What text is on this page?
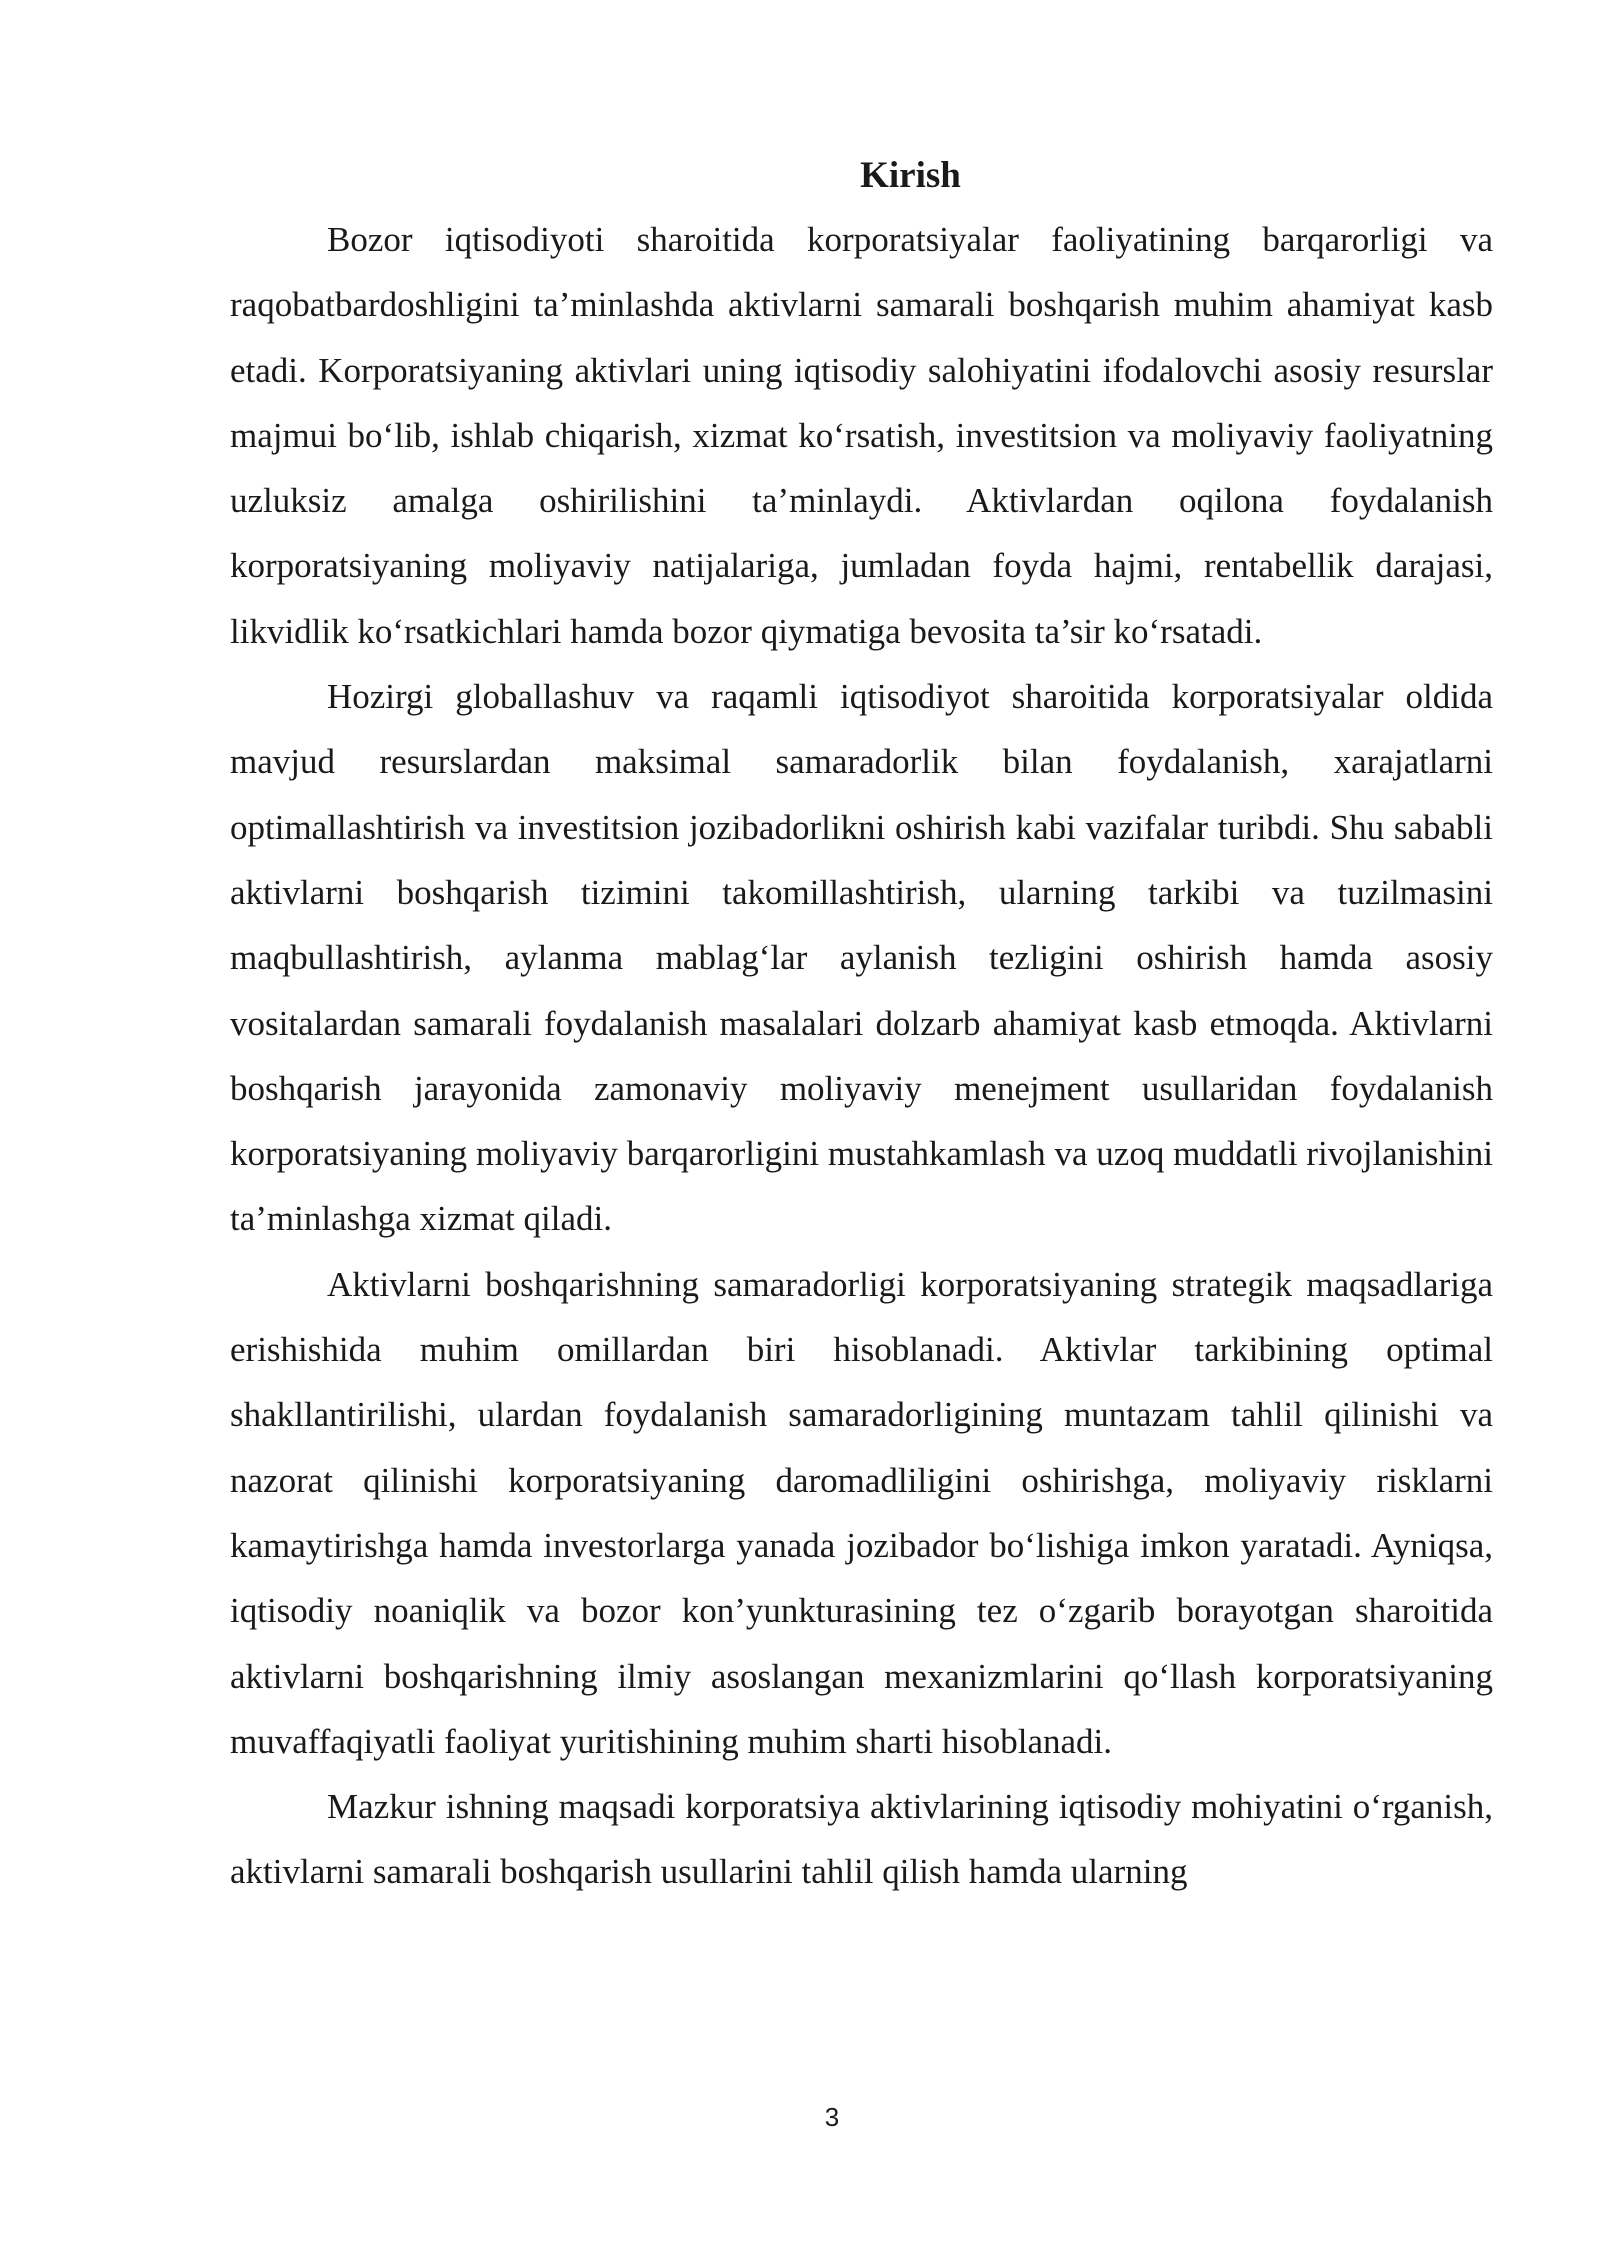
Kirish

Bozor iqtisodiyoti sharoitida korporatsiyalar faoliyatining barqarorligi va raqobatbardoshligini ta’minlashda aktivlarni samarali boshqarish muhim ahamiyat kasb etadi. Korporatsiyaning aktivlari uning iqtisodiy salohiyatini ifodalovchi asosiy resurslar majmui bo‘lib, ishlab chiqarish, xizmat ko‘rsatish, investitsion va moliyaviy faoliyatning uzluksiz amalga oshirilishini ta’minlaydi. Aktivlardan oqilona foydalanish korporatsiyaning moliyaviy natijalariga, jumladan foyda hajmi, rentabellik darajasi, likvidlik ko‘rsatkichlari hamda bozor qiymatiga bevosita ta’sir ko‘rsatadi.

Hozirgi globallashuv va raqamli iqtisodiyot sharoitida korporatsiyalar oldida mavjud resurslardan maksimal samaradorlik bilan foydalanish, xarajatlarni optimallashtirish va investitsion jozibadorlikni oshirish kabi vazifalar turibdi. Shu sababli aktivlarni boshqarish tizimini takomillashtirish, ularning tarkibi va tuzilmasini maqbullashtirish, aylanma mablag‘lar aylanish tezligini oshirish hamda asosiy vositalardan samarali foydalanish masalalari dolzarb ahamiyat kasb etmoqda. Aktivlarni boshqarish jarayonida zamonaviy moliyaviy menejment usullaridan foydalanish korporatsiyaning moliyaviy barqarorligini mustahkamlash va uzoq muddatli rivojlanishini ta’minlashga xizmat qiladi.

Aktivlarni boshqarishning samaradorligi korporatsiyaning strategik maqsadlariga erishishida muhim omillardan biri hisoblanadi. Aktivlar tarkibining optimal shakllantirilishi, ulardan foydalanish samaradorligining muntazam tahlil qilinishi va nazorat qilinishi korporatsiyaning daromadliligini oshirishga, moliyaviy risklarni kamaytirishga hamda investorlarga yanada jozibador bo‘lishiga imkon yaratadi. Ayniqsa, iqtisodiy noaniqlik va bozor kon’yunkturasining tez o‘zgarib borayotgan sharoitida aktivlarni boshqarishning ilmiy asoslangan mexanizmlarini qo‘llash korporatsiyaning muvaffaqiyatli faoliyat yuritishining muhim sharti hisoblanadi.

Mazkur ishning maqsadi korporatsiya aktivlarining iqtisodiy mohiyatini o‘rganish, aktivlarni samarali boshqarish usullarini tahlil qilish hamda ularning

3
